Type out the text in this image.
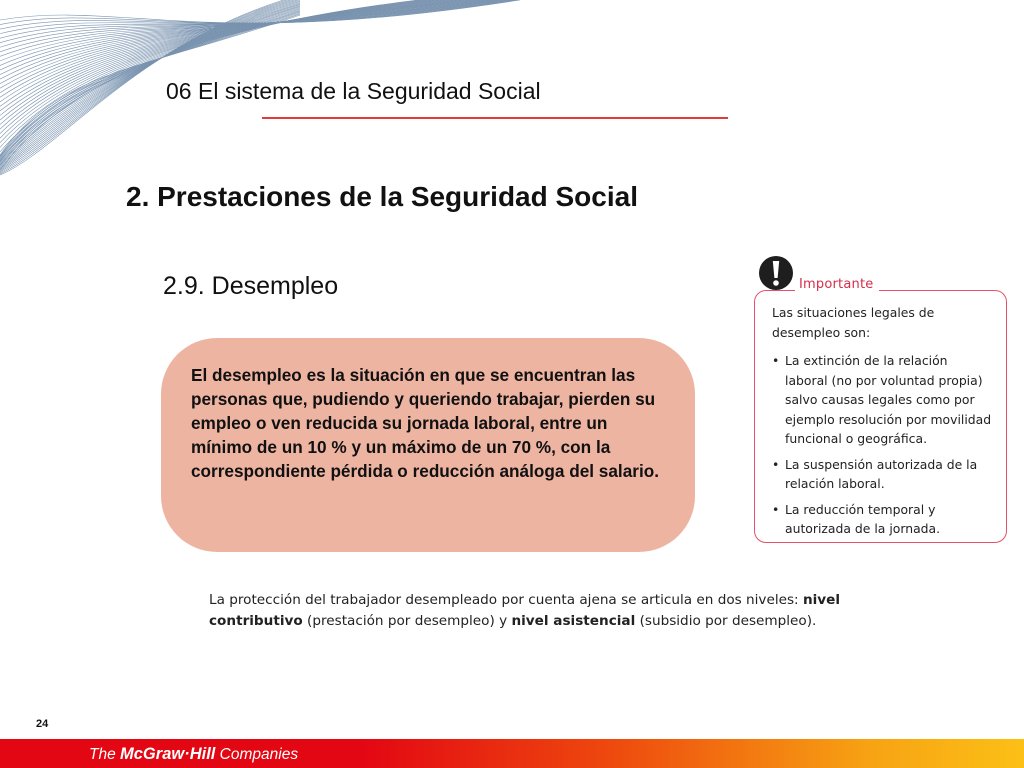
06 El sistema de la Seguridad Social
2. Prestaciones de la Seguridad Social
2.9. Desempleo

El desempleo es la situación en que se encuentran las personas que, pudiendo y queriendo trabajar, pierden su empleo o ven reducida su jornada laboral, entre un mínimo de un 10 % y un máximo de un 70 %, con la correspondiente pérdida o reducción análoga del salario.

Importante

Las situaciones legales de desempleo son:

• La extinción de la relación laboral (no por voluntad propia) salvo causas legales como por ejemplo resolución por movilidad funcional o geográfica.
• La suspensión autorizada de la relación laboral.
• La reducción temporal y autorizada de la jornada.
La protección del trabajador desempleado por cuenta ajena se articula en dos niveles: nivel contributivo (prestación por desempleo) y nivel asistencial (subsidio por desempleo).
24
The McGraw·Hill Companies
